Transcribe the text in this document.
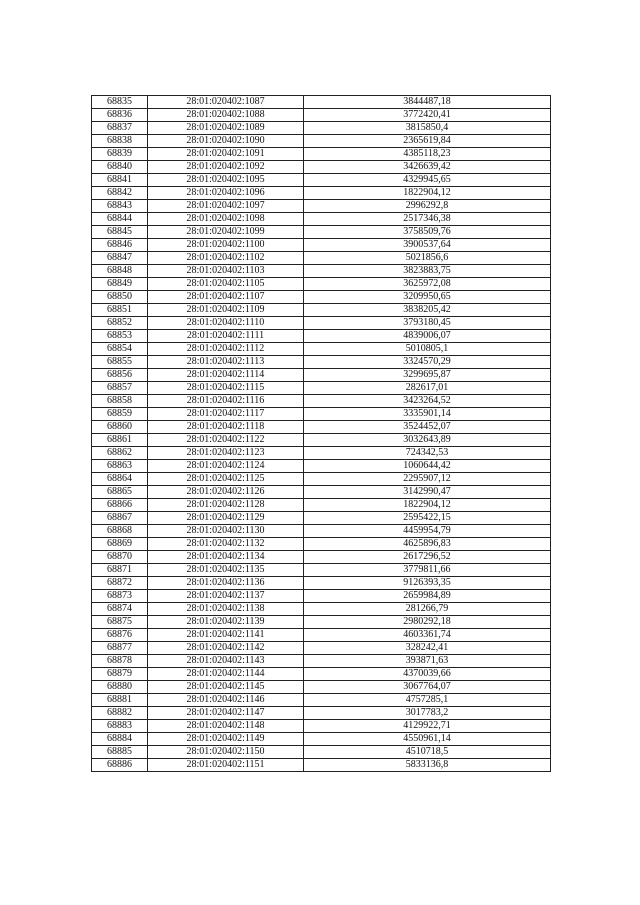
68835	28:01:020402:1087	3844487,18
68836	28:01:020402:1088	3772420,41
68837	28:01:020402:1089	3815850,4
68838	28:01:020402:1090	2365619,84
68839	28:01:020402:1091	4385118,23
68840	28:01:020402:1092	3426639,42
68841	28:01:020402:1095	4329945,65
68842	28:01:020402:1096	1822904,12
68843	28:01:020402:1097	2996292,8
68844	28:01:020402:1098	2517346,38
68845	28:01:020402:1099	3758509,76
68846	28:01:020402:1100	3900537,64
68847	28:01:020402:1102	5021856,6
68848	28:01:020402:1103	3823883,75
68849	28:01:020402:1105	3625972,08
68850	28:01:020402:1107	3209950,65
68851	28:01:020402:1109	3838205,42
68852	28:01:020402:1110	3793180,45
68853	28:01:020402:1111	4839006,07
68854	28:01:020402:1112	5010805,1
68855	28:01:020402:1113	3324570,29
68856	28:01:020402:1114	3299695,87
68857	28:01:020402:1115	282617,01
68858	28:01:020402:1116	3423264,52
68859	28:01:020402:1117	3335901,14
68860	28:01:020402:1118	3524452,07
68861	28:01:020402:1122	3032643,89
68862	28:01:020402:1123	724342,53
68863	28:01:020402:1124	1060644,42
68864	28:01:020402:1125	2295907,12
68865	28:01:020402:1126	3142990,47
68866	28:01:020402:1128	1822904,12
68867	28:01:020402:1129	2595422,15
68868	28:01:020402:1130	4459954,79
68869	28:01:020402:1132	4625896,83
68870	28:01:020402:1134	2617296,52
68871	28:01:020402:1135	3779811,66
68872	28:01:020402:1136	9126393,35
68873	28:01:020402:1137	2659984,89
68874	28:01:020402:1138	281266,79
68875	28:01:020402:1139	2980292,18
68876	28:01:020402:1141	4603361,74
68877	28:01:020402:1142	328242,41
68878	28:01:020402:1143	393871,63
68879	28:01:020402:1144	4370039,66
68880	28:01:020402:1145	3067764,07
68881	28:01:020402:1146	4757285,1
68882	28:01:020402:1147	3017783,2
68883	28:01:020402:1148	4129922,71
68884	28:01:020402:1149	4550961,14
68885	28:01:020402:1150	4510718,5
68886	28:01:020402:1151	5833136,8
